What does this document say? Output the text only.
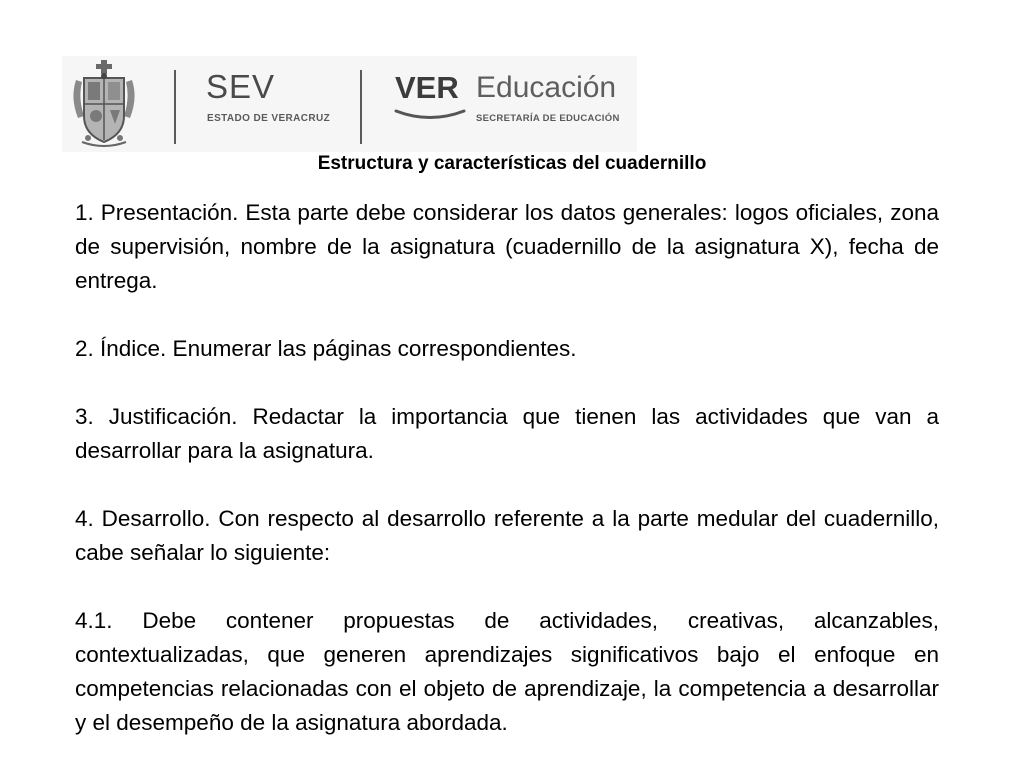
SEV
ESTADO DE VERACRUZ
VER Educación
SECRETARÍA DE EDUCACIÓN
Estructura y características del cuadernillo

1. Presentación. Esta parte debe considerar los datos generales: logos oficiales, zona de supervisión, nombre de la asignatura (cuadernillo de la asignatura X), fecha de entrega.

2. Índice. Enumerar las páginas correspondientes.

3. Justificación. Redactar la importancia que tienen las actividades que van a desarrollar para la asignatura.

4. Desarrollo. Con respecto al desarrollo referente a la parte medular del cuadernillo, cabe señalar lo siguiente:

4.1. Debe contener propuestas de actividades, creativas, alcanzables, contextualizadas, que generen aprendizajes significativos bajo el enfoque en competencias relacionadas con el objeto de aprendizaje, la competencia a desarrollar y el desempeño de la asignatura abordada.
